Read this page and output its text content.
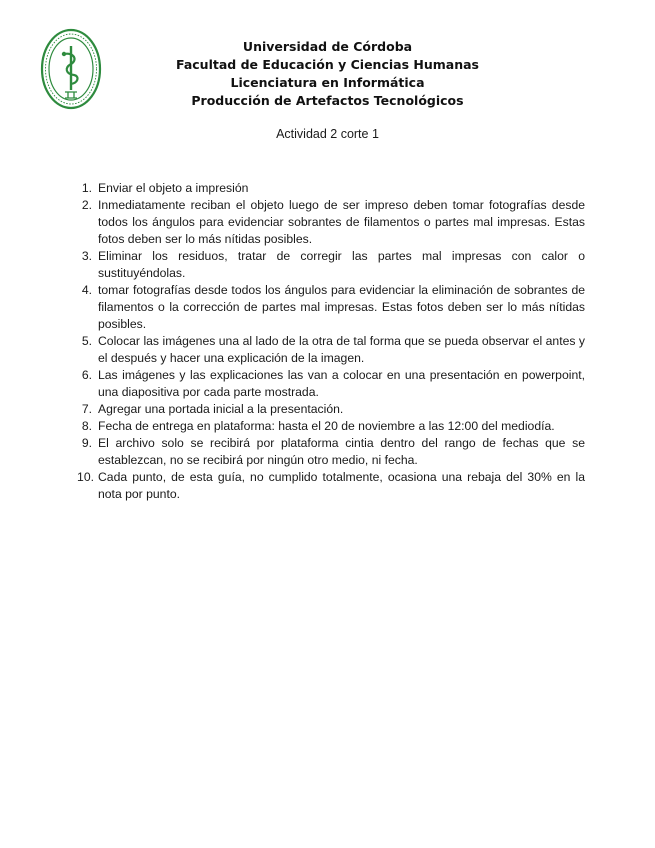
Universidad de Córdoba
Facultad de Educación y Ciencias Humanas
Licenciatura en Informática
Producción de Artefactos Tecnológicos
Actividad 2 corte 1
1. Enviar el objeto a impresión
2. Inmediatamente reciban el objeto luego de ser impreso deben tomar fotografías desde todos los ángulos para evidenciar sobrantes de filamentos o partes mal impresas. Estas fotos deben ser lo más nítidas posibles.
3. Eliminar los residuos, tratar de corregir las partes mal impresas con calor o sustituyéndolas.
4. tomar fotografías desde todos los ángulos para evidenciar la eliminación de sobrantes de filamentos o la corrección de partes mal impresas. Estas fotos deben ser lo más nítidas posibles.
5. Colocar las imágenes una al lado de la otra de tal forma que se pueda observar el antes y el después y hacer una explicación de la imagen.
6. Las imágenes y las explicaciones las van a colocar en una presentación en powerpoint, una diapositiva por cada parte mostrada.
7. Agregar una portada inicial a la presentación.
8. Fecha de entrega en plataforma: hasta el 20 de noviembre a las 12:00 del mediodía.
9. El archivo solo se recibirá por plataforma cintia dentro del rango de fechas que se establezcan, no se recibirá por ningún otro medio, ni fecha.
10. Cada punto, de esta guía, no cumplido totalmente, ocasiona una rebaja del 30% en la nota por punto.
